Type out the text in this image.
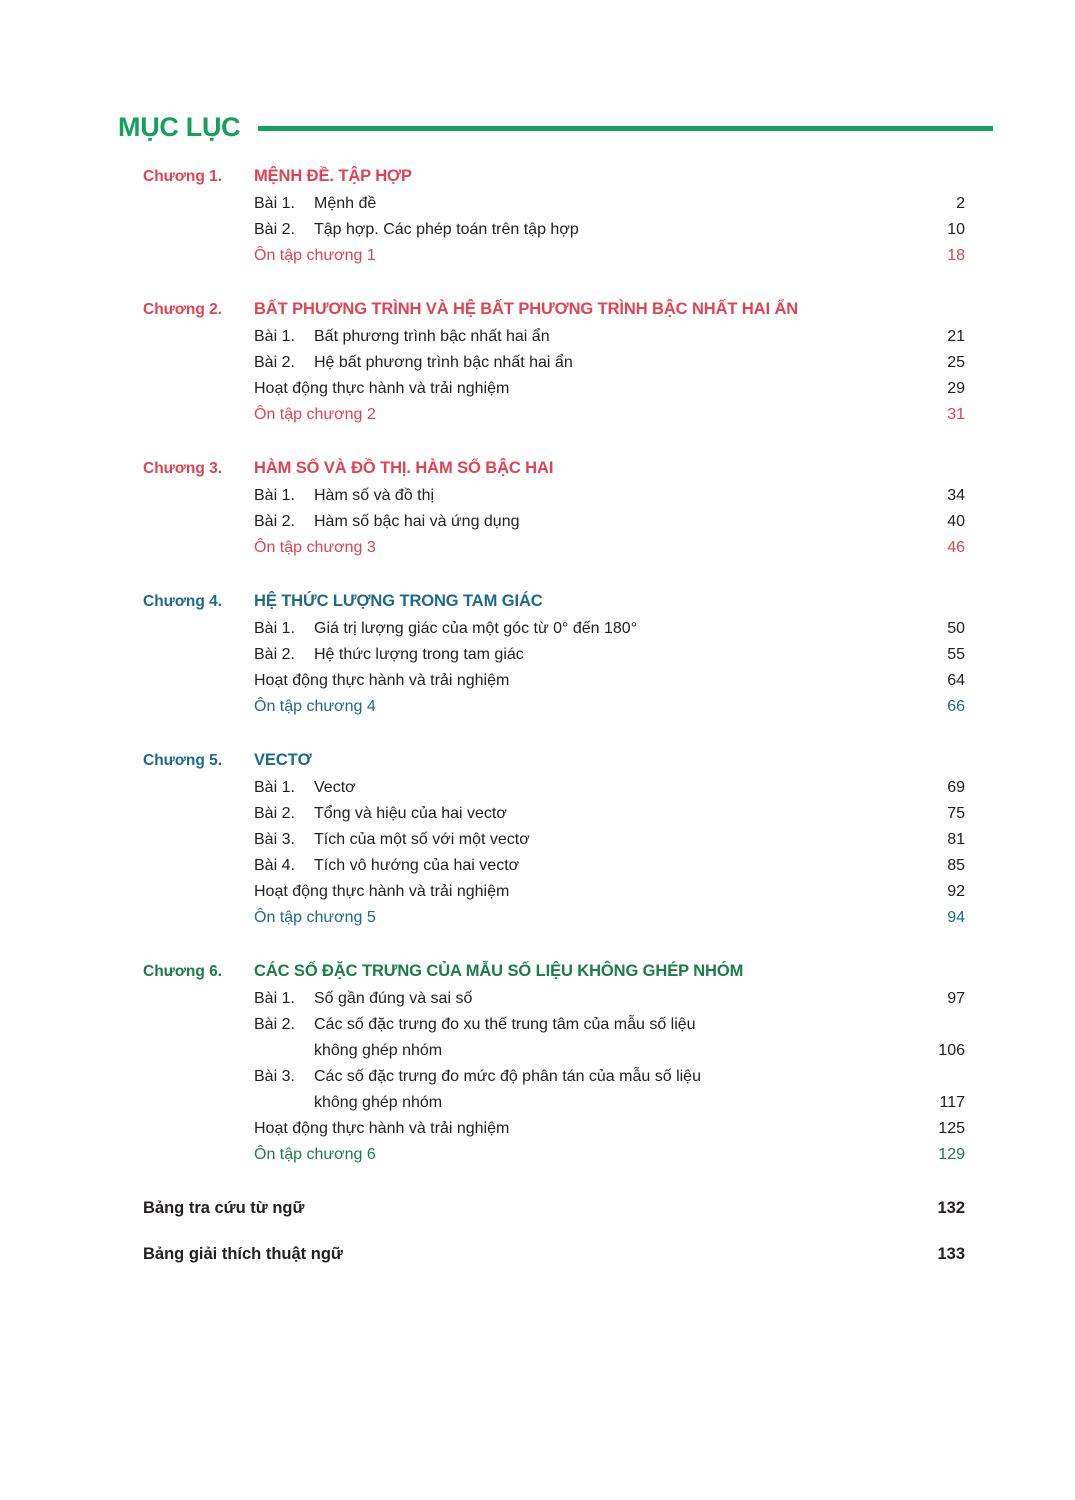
MỤC LỤC
Chương 1.	MỆNH ĐỀ. TẬP HỢP
Bài 1. Mệnh đề	2
Bài 2. Tập hợp. Các phép toán trên tập hợp	10
Ôn tập chương 1	18
Chương 2.	BẤT PHƯƠNG TRÌNH VÀ HỆ BẤT PHƯƠNG TRÌNH BẬC NHẤT HAI ẨN
Bài 1. Bất phương trình bậc nhất hai ẩn	21
Bài 2. Hệ bất phương trình bậc nhất hai ẩn	25
Hoạt động thực hành và trải nghiệm	29
Ôn tập chương 2	31
Chương 3.	HÀM SỐ VÀ ĐỒ THỊ. HÀM SỐ BẬC HAI
Bài 1. Hàm số và đồ thị	34
Bài 2. Hàm số bậc hai và ứng dụng	40
Ôn tập chương 3	46
Chương 4.	HỆ THỨC LƯỢNG TRONG TAM GIÁC
Bài 1. Giá trị lượng giác của một góc từ 0° đến 180°	50
Bài 2. Hệ thức lượng trong tam giác	55
Hoạt động thực hành và trải nghiệm	64
Ôn tập chương 4	66
Chương 5.	VECTƠ
Bài 1. Vectơ	69
Bài 2. Tổng và hiệu của hai vectơ	75
Bài 3. Tích của một số với một vectơ	81
Bài 4. Tích vô hướng của hai vectơ	85
Hoạt động thực hành và trải nghiệm	92
Ôn tập chương 5	94
Chương 6.	CÁC SỐ ĐẶC TRƯNG CỦA MẪU SỐ LIỆU KHÔNG GHÉP NHÓM
Bài 1. Số gần đúng và sai số	97
Bài 2. Các số đặc trưng đo xu thế trung tâm của mẫu số liệu
không ghép nhóm	106
Bài 3. Các số đặc trưng đo mức độ phân tán của mẫu số liệu
không ghép nhóm	117
Hoạt động thực hành và trải nghiệm	125
Ôn tập chương 6	129
Bảng tra cứu từ ngữ	132
Bảng giải thích thuật ngữ	133
